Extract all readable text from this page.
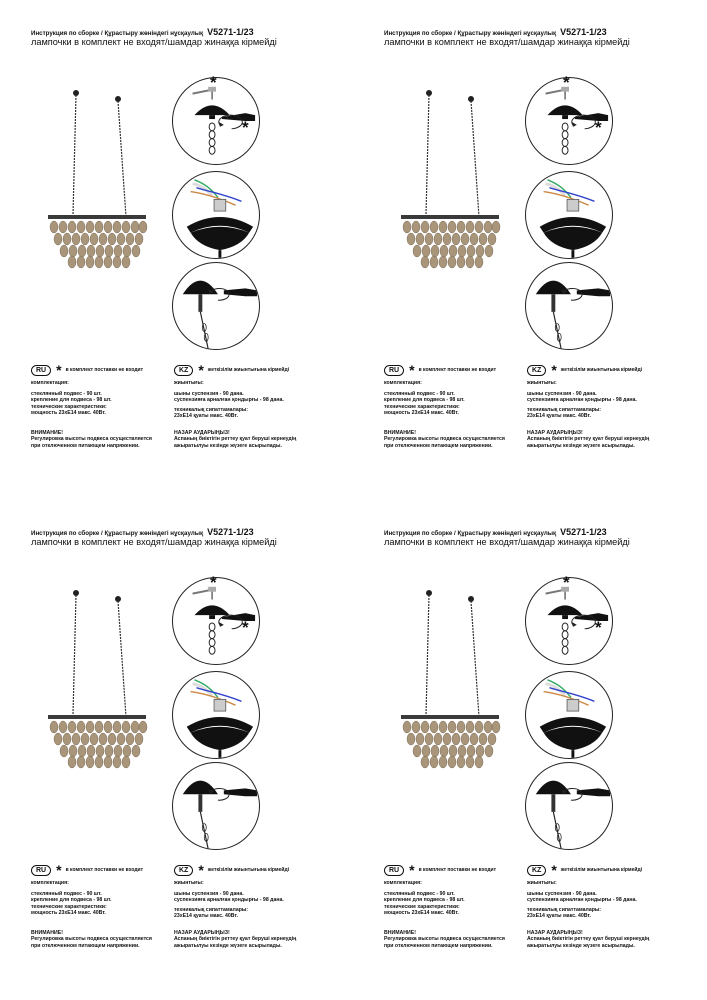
Инструкция по сборке / Құрастыру жөніндегі нұсқаулық V5271-1/23
лампочки в комплект не входят/шамдар жинаққа кірмейді
*
*
RU * в комплект поставки не входит	KZ * жеткізілім жиынтығына кірмейді
комплектация:
стеклянный подвес - 90 шт.
крепление для подвеса - 98 шт.
технические характеристики:
мощность 23хЕ14 макс. 40Вт.
ВНИМАНИЕ!
Регулировка высоты подвеса осуществляется
при отключенном питающем напряжении.
жиынтығы:
шыны суспензия - 90 дана.
суспензияға арналған қондырғы - 98 дана.
техникалық сипаттамалары:
23хЕ14 қуаты макс. 40Вт.
НАЗАР АУДАРЫҢЫЗ!
Аспаның биіктігін реттеу қуат беруші кернеудің
ажыратылуы кезінде жүзеге асырылады.
Инструкция по сборке / Құрастыру жөніндегі нұсқаулық V5271-1/23
лампочки в комплект не входят/шамдар жинаққа кірмейді
*
*
RU * в комплект поставки не входит	KZ * жеткізілім жиынтығына кірмейді
комплектация:
стеклянный подвес - 90 шт.
крепление для подвеса - 98 шт.
технические характеристики:
мощность 23хЕ14 макс. 40Вт.
ВНИМАНИЕ!
Регулировка высоты подвеса осуществляется
при отключенном питающем напряжении.
жиынтығы:
шыны суспензия - 90 дана.
суспензияға арналған қондырғы - 98 дана.
техникалық сипаттамалары:
23хЕ14 қуаты макс. 40Вт.
НАЗАР АУДАРЫҢЫЗ!
Аспаның биіктігін реттеу қуат беруші кернеудің
ажыратылуы кезінде жүзеге асырылады.
Инструкция по сборке / Құрастыру жөніндегі нұсқаулық V5271-1/23
лампочки в комплект не входят/шамдар жинаққа кірмейді
*
*
RU * в комплект поставки не входит	KZ * жеткізілім жиынтығына кірмейді
комплектация:
стеклянный подвес - 90 шт.
крепление для подвеса - 98 шт.
технические характеристики:
мощность 23хЕ14 макс. 40Вт.
ВНИМАНИЕ!
Регулировка высоты подвеса осуществляется
при отключенном питающем напряжении.
жиынтығы:
шыны суспензия - 90 дана.
суспензияға арналған қондырғы - 98 дана.
техникалық сипаттамалары:
23хЕ14 қуаты макс. 40Вт.
НАЗАР АУДАРЫҢЫЗ!
Аспаның биіктігін реттеу қуат беруші кернеудің
ажыратылуы кезінде жүзеге асырылады.
Инструкция по сборке / Құрастыру жөніндегі нұсқаулық V5271-1/23
лампочки в комплект не входят/шамдар жинаққа кірмейді
*
*
RU * в комплект поставки не входит	KZ * жеткізілім жиынтығына кірмейді
комплектация:
стеклянный подвес - 90 шт.
крепление для подвеса - 98 шт.
технические характеристики:
мощность 23хЕ14 макс. 40Вт.
ВНИМАНИЕ!
Регулировка высоты подвеса осуществляется
при отключенном питающем напряжении.
жиынтығы:
шыны суспензия - 90 дана.
суспензияға арналған қондырғы - 98 дана.
техникалық сипаттамалары:
23хЕ14 қуаты макс. 40Вт.
НАЗАР АУДАРЫҢЫЗ!
Аспаның биіктігін реттеу қуат беруші кернеудің
ажыратылуы кезінде жүзеге асырылады.
